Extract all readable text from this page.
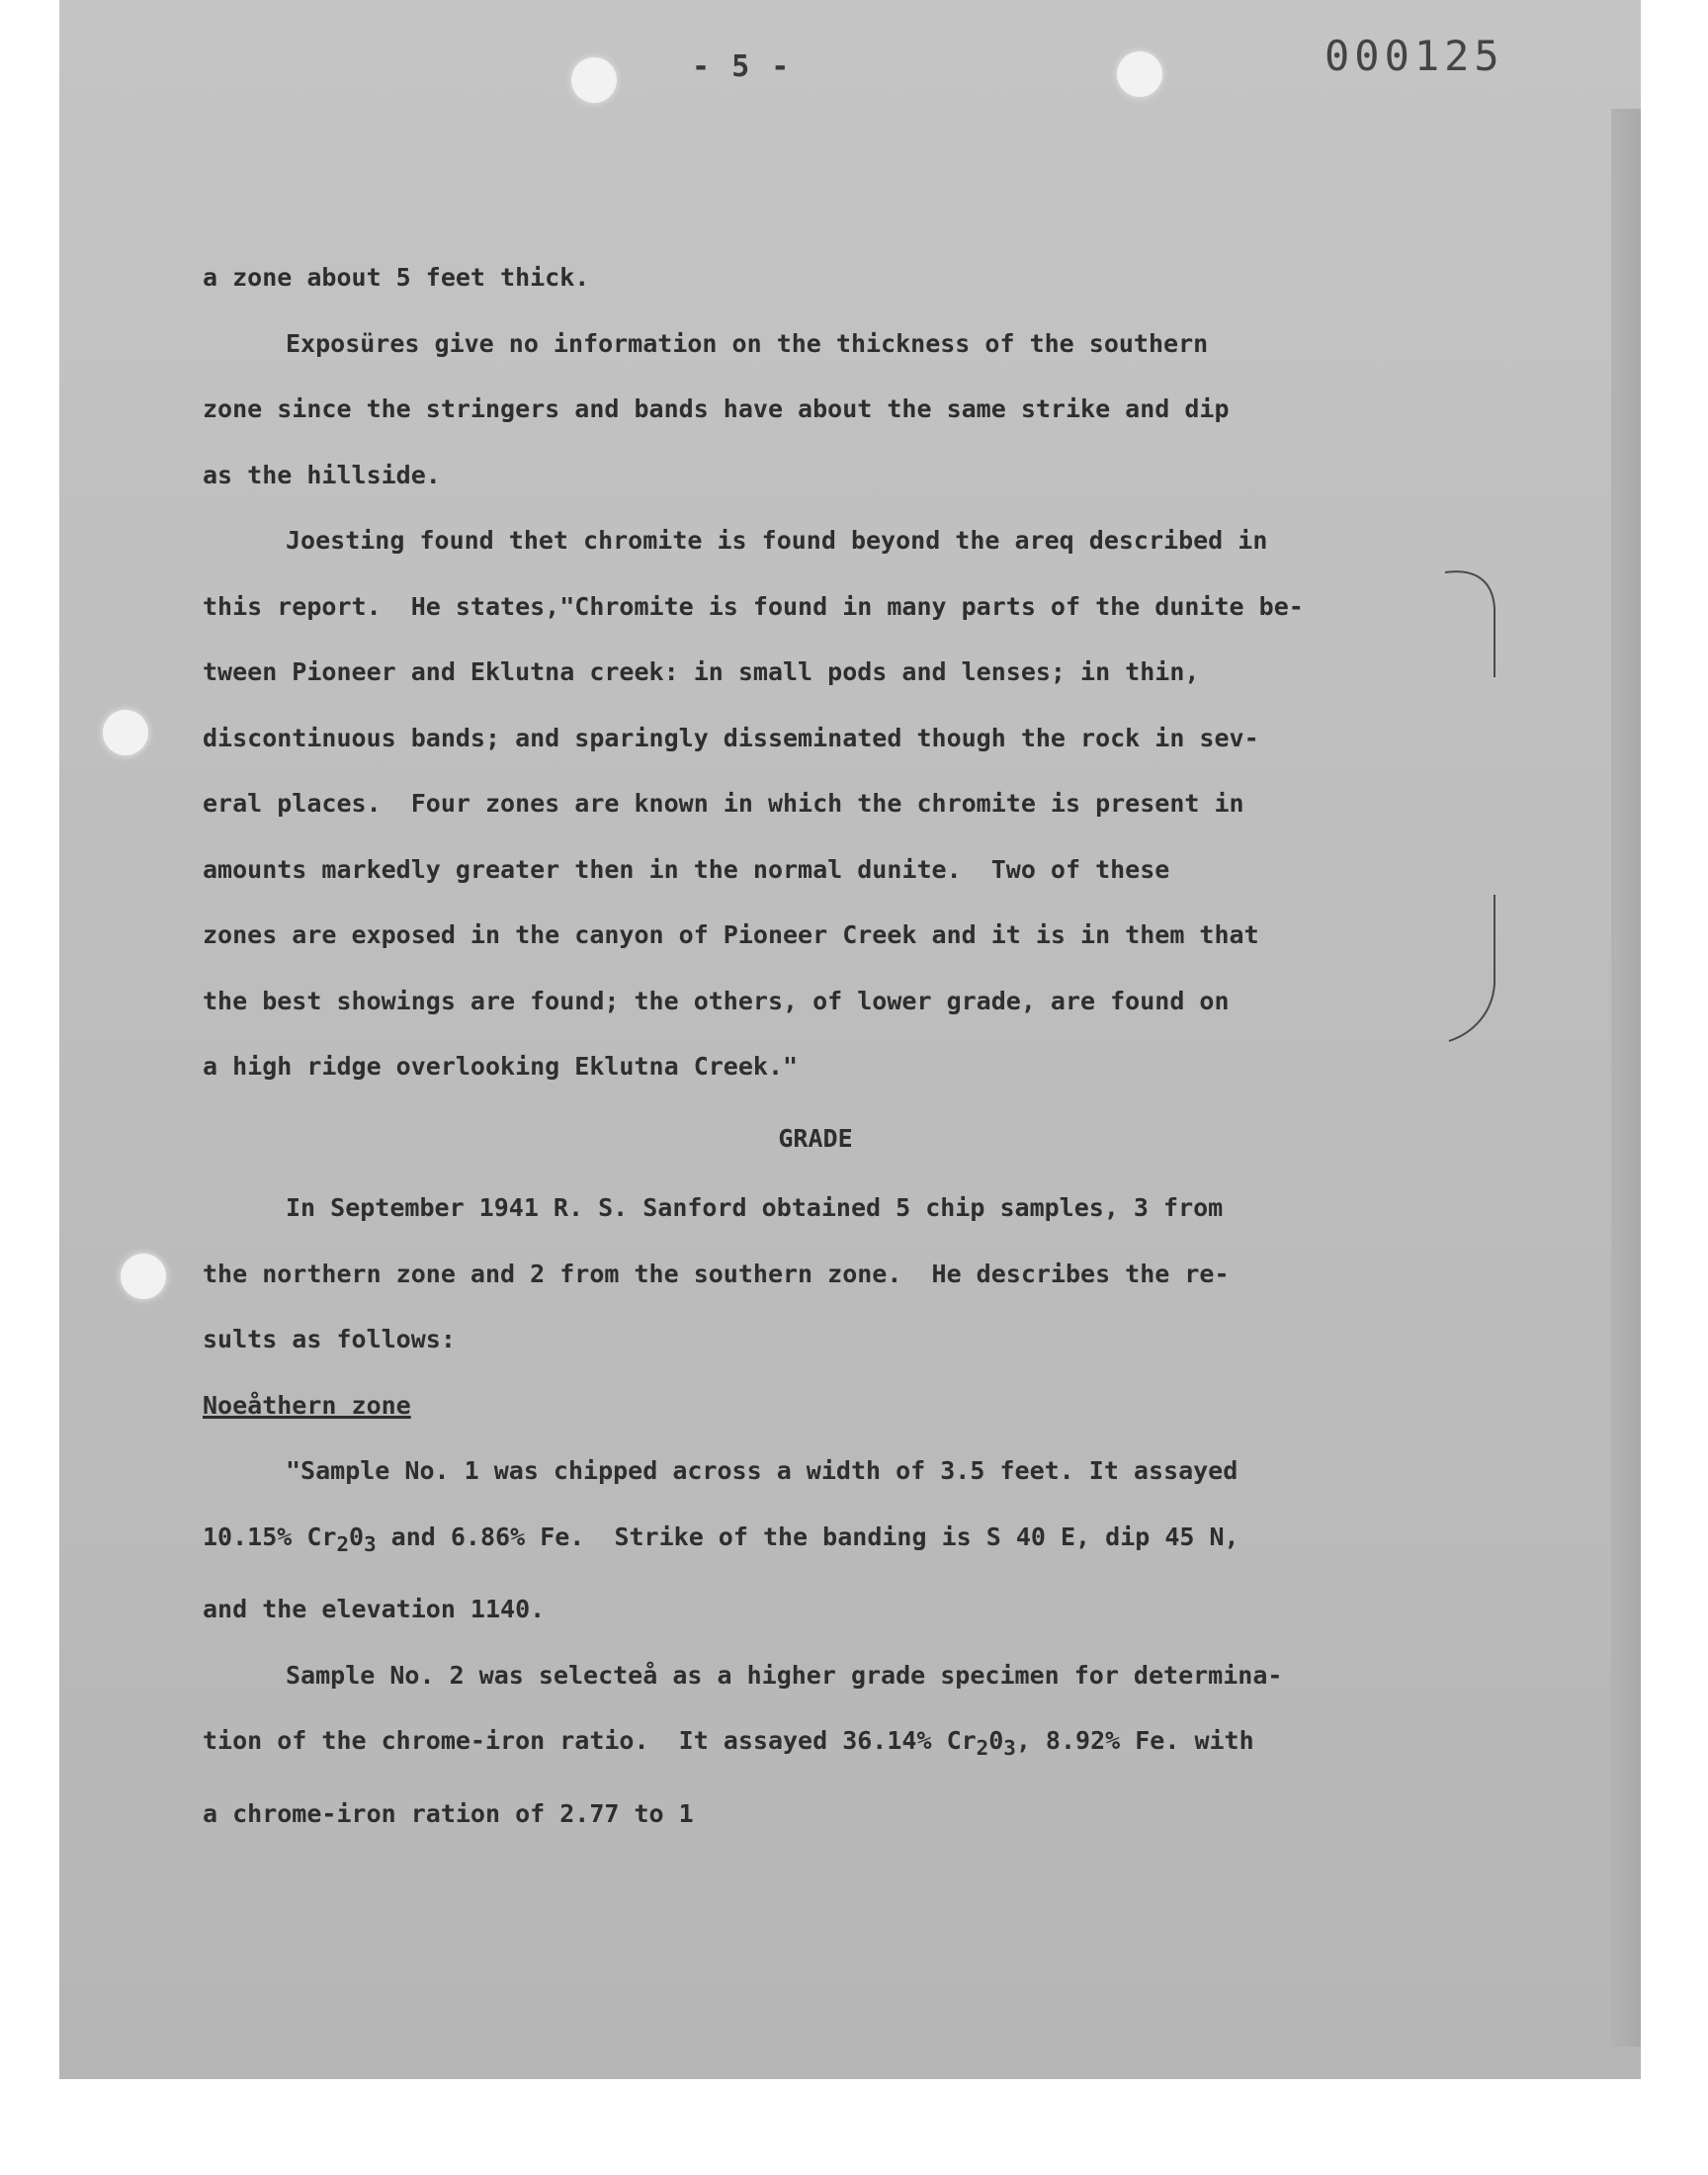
- 5 -	000125
a zone about 5 feet thick.
Exposüres give no information on the thickness of the southern
zone since the stringers and bands have about the same strike and dip
as the hillside.
Joesting found thet chromite is found beyond the areq described in
this report.  He states,"Chromite is found in many parts of the dunite be-
tween Pioneer and Eklutna creek: in small pods and lenses; in thin,
discontinuous bands; and sparingly disseminated though the rock in sev-
eral places.  Four zones are known in which the chromite is present in
amounts markedly greater then in the normal dunite.  Two of these
zones are exposed in the canyon of Pioneer Creek and it is in them that
the best showings are found; the others, of lower grade, are found on
a high ridge overlooking Eklutna Creek."
GRADE
In September 1941 R. S. Sanford obtained 5 chip samples, 3 from
the northern zone and 2 from the southern zone.  He describes the re-
sults as follows:
Noeåthern zone
"Sample No. 1 was chipped across a width of 3.5 feet. It assayed
10.15% $Cr_20_3$ and 6.86% Fe.  Strike of the banding is S 40 E, dip 45 N,
and the elevation 1140.
Sample No. 2 was selecteå as a higher grade specimen for determina-
tion of the chrome-iron ratio.  It assayed 36.14% $Cr_20_3$, 8.92% Fe. with
a chrome-iron ration of 2.77 to 1
